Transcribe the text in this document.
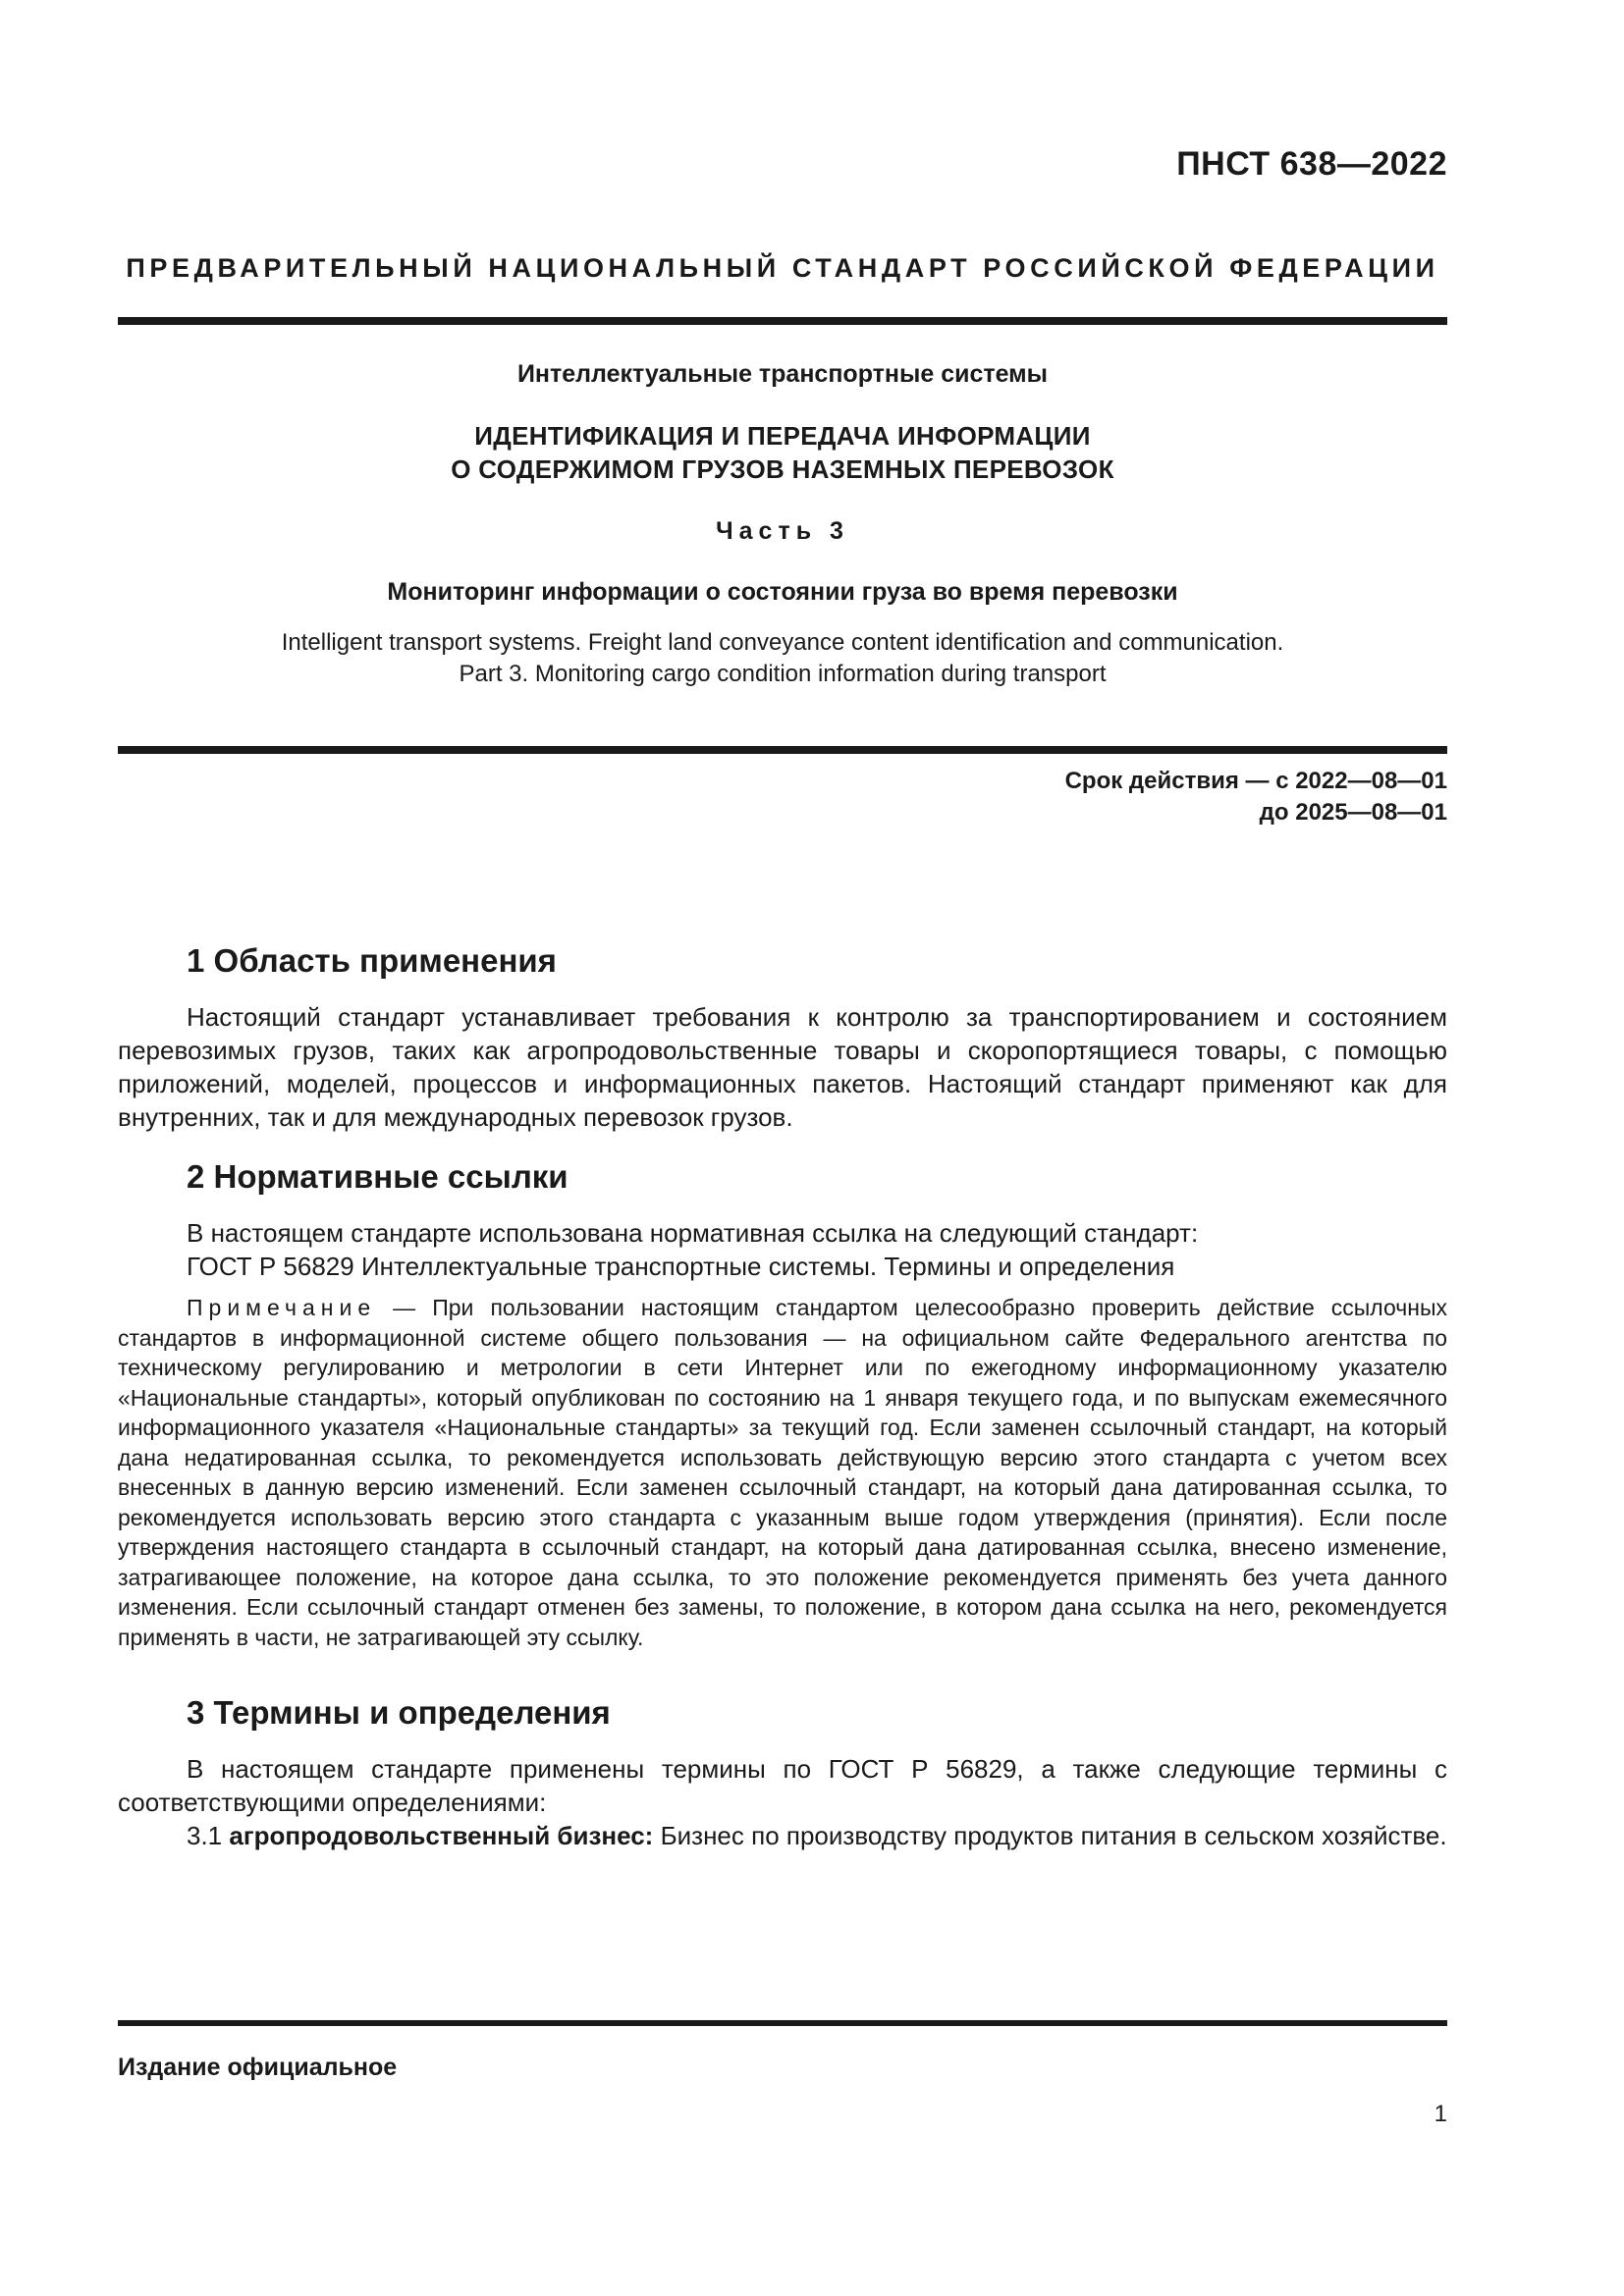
ПНСТ 638—2022
ПРЕДВАРИТЕЛЬНЫЙ НАЦИОНАЛЬНЫЙ СТАНДАРТ РОССИЙСКОЙ ФЕДЕРАЦИИ
Интеллектуальные транспортные системы
ИДЕНТИФИКАЦИЯ И ПЕРЕДАЧА ИНФОРМАЦИИ
О СОДЕРЖИМОМ ГРУЗОВ НАЗЕМНЫХ ПЕРЕВОЗОК
Часть 3
Мониторинг информации о состоянии груза во время перевозки
Intelligent transport systems. Freight land conveyance content identification and communication.
Part 3. Monitoring cargo condition information during transport
Срок действия — с 2022—08—01
до 2025—08—01
1 Область применения

Настоящий стандарт устанавливает требования к контролю за транспортированием и состоянием перевозимых грузов, таких как агропродовольственные товары и скоропортящиеся товары, с помощью приложений, моделей, процессов и информационных пакетов. Настоящий стандарт применяют как для внутренних, так и для международных перевозок грузов.

2 Нормативные ссылки

В настоящем стандарте использована нормативная ссылка на следующий стандарт:

ГОСТ Р 56829 Интеллектуальные транспортные системы. Термины и определения

Примечание — При пользовании настоящим стандартом целесообразно проверить действие ссылочных стандартов в информационной системе общего пользования — на официальном сайте Федерального агентства по техническому регулированию и метрологии в сети Интернет или по ежегодному информационному указателю «Национальные стандарты», который опубликован по состоянию на 1 января текущего года, и по выпускам ежемесячного информационного указателя «Национальные стандарты» за текущий год. Если заменен ссылочный стандарт, на который дана недатированная ссылка, то рекомендуется использовать действующую версию этого стандарта с учетом всех внесенных в данную версию изменений. Если заменен ссылочный стандарт, на который дана датированная ссылка, то рекомендуется использовать версию этого стандарта с указанным выше годом утверждения (принятия). Если после утверждения настоящего стандарта в ссылочный стандарт, на который дана датированная ссылка, внесено изменение, затрагивающее положение, на которое дана ссылка, то это положение рекомендуется применять без учета данного изменения. Если ссылочный стандарт отменен без замены, то положение, в котором дана ссылка на него, рекомендуется применять в части, не затрагивающей эту ссылку.

3 Термины и определения

В настоящем стандарте применены термины по ГОСТ Р 56829, а также следующие термины с соответствующими определениями:

3.1 агропродовольственный бизнес: Бизнес по производству продуктов питания в сельском хозяйстве.

Издание официальное
1
